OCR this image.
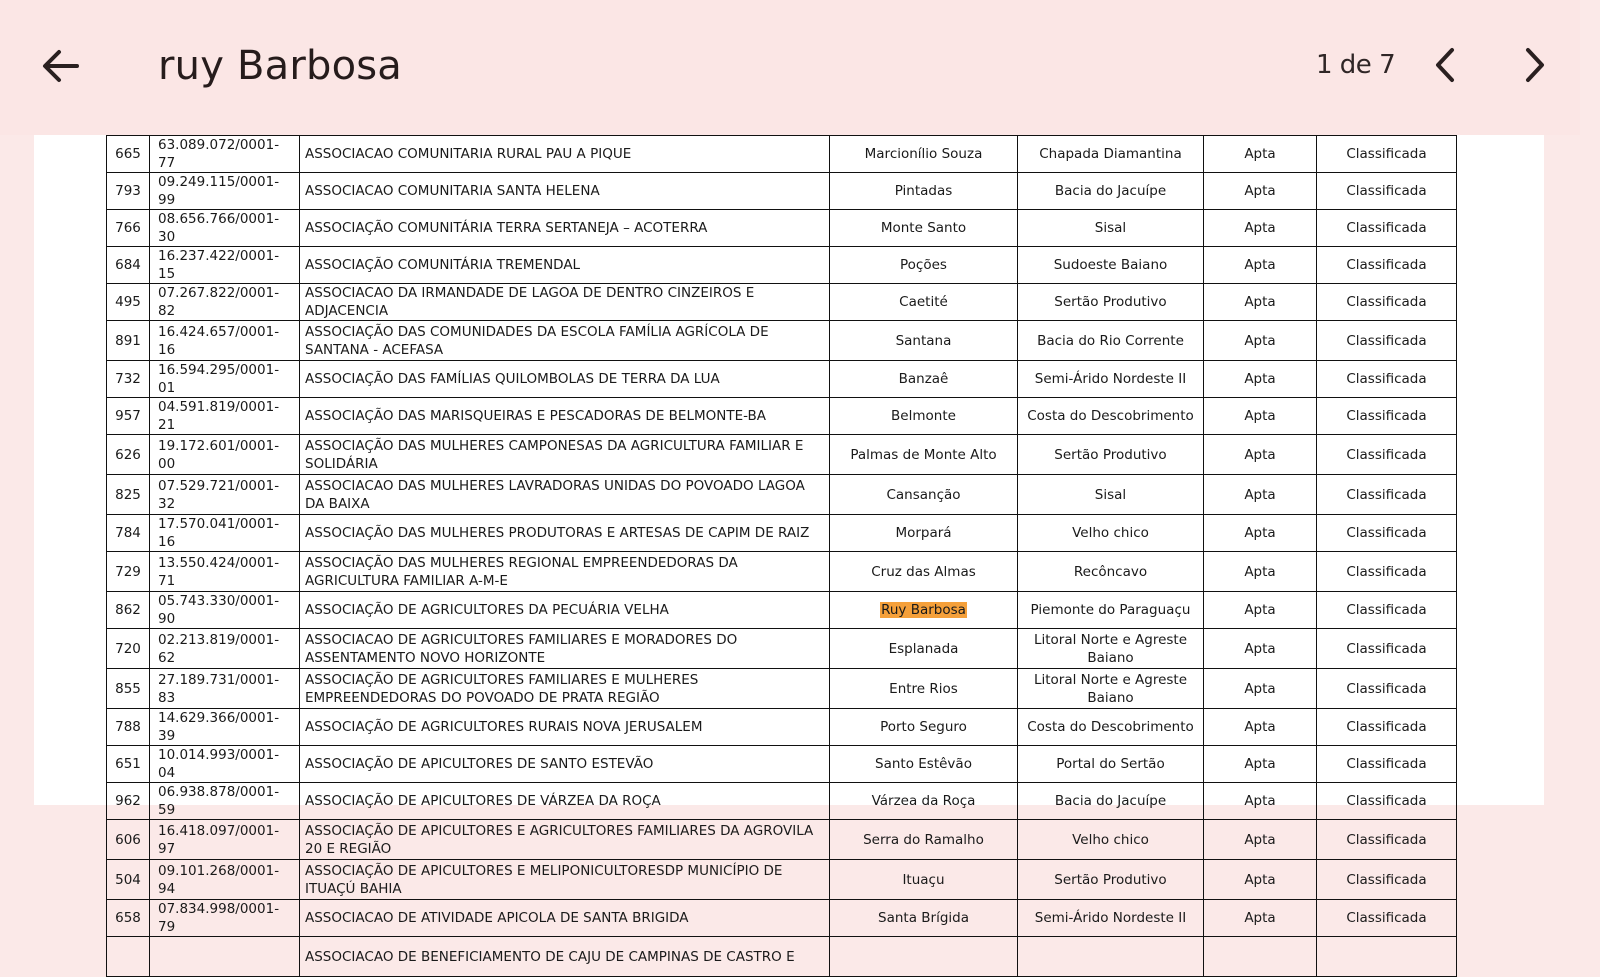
ruy Barbosa	1 de 7
665	63.089.072/0001-77	ASSOCIACAO COMUNITARIA RURAL PAU A PIQUE	Marcionílio Souza	Chapada Diamantina	Apta	Classificada
793	09.249.115/0001-99	ASSOCIACAO COMUNITARIA SANTA HELENA	Pintadas	Bacia do Jacuípe	Apta	Classificada
766	08.656.766/0001-30	ASSOCIAÇÃO COMUNITÁRIA TERRA SERTANEJA – ACOTERRA	Monte Santo	Sisal	Apta	Classificada
684	16.237.422/0001-15	ASSOCIAÇÃO COMUNITÁRIA TREMENDAL	Poções	Sudoeste Baiano	Apta	Classificada
495	07.267.822/0001-82	ASSOCIACAO DA IRMANDADE DE LAGOA DE DENTRO CINZEIROS E ADJACENCIA	Caetité	Sertão Produtivo	Apta	Classificada
891	16.424.657/0001-16	ASSOCIAÇÃO DAS COMUNIDADES DA ESCOLA FAMÍLIA AGRÍCOLA DE SANTANA - ACEFASA	Santana	Bacia do Rio Corrente	Apta	Classificada
732	16.594.295/0001-01	ASSOCIAÇÃO DAS FAMÍLIAS QUILOMBOLAS DE TERRA DA LUA	Banzaê	Semi-Árido Nordeste II	Apta	Classificada
957	04.591.819/0001-21	ASSOCIAÇÃO DAS MARISQUEIRAS E PESCADORAS DE BELMONTE-BA	Belmonte	Costa do Descobrimento	Apta	Classificada
626	19.172.601/0001-00	ASSOCIAÇÃO DAS MULHERES CAMPONESAS DA AGRICULTURA FAMILIAR E SOLIDÁRIA	Palmas de Monte Alto	Sertão Produtivo	Apta	Classificada
825	07.529.721/0001-32	ASSOCIACAO DAS MULHERES LAVRADORAS UNIDAS DO POVOADO LAGOA DA BAIXA	Cansanção	Sisal	Apta	Classificada
784	17.570.041/0001-16	ASSOCIAÇÃO DAS MULHERES PRODUTORAS E ARTESAS DE CAPIM DE RAIZ	Morpará	Velho chico	Apta	Classificada
729	13.550.424/0001-71	ASSOCIAÇÃO DAS MULHERES REGIONAL EMPREENDEDORAS DA AGRICULTURA FAMILIAR A-M-E	Cruz das Almas	Recôncavo	Apta	Classificada
862	05.743.330/0001-90	ASSOCIAÇÃO DE AGRICULTORES DA PECUÁRIA VELHA	Ruy Barbosa	Piemonte do Paraguaçu	Apta	Classificada
720	02.213.819/0001-62	ASSOCIACAO DE AGRICULTORES FAMILIARES E MORADORES DO ASSENTAMENTO NOVO HORIZONTE	Esplanada	Litoral Norte e Agreste Baiano	Apta	Classificada
855	27.189.731/0001-83	ASSOCIAÇÃO DE AGRICULTORES FAMILIARES E MULHERES EMPREENDEDORAS DO POVOADO DE PRATA REGIÃO	Entre Rios	Litoral Norte e Agreste Baiano	Apta	Classificada
788	14.629.366/0001-39	ASSOCIAÇÃO DE AGRICULTORES RURAIS NOVA JERUSALEM	Porto Seguro	Costa do Descobrimento	Apta	Classificada
651	10.014.993/0001-04	ASSOCIAÇÃO DE APICULTORES DE SANTO ESTEVÃO	Santo Estêvão	Portal do Sertão	Apta	Classificada
962	06.938.878/0001-59	ASSOCIAÇÃO DE APICULTORES DE VÁRZEA DA ROÇA	Várzea da Roça	Bacia do Jacuípe	Apta	Classificada
606	16.418.097/0001-97	ASSOCIAÇÃO DE APICULTORES E AGRICULTORES FAMILIARES DA AGROVILA 20 E REGIÃO	Serra do Ramalho	Velho chico	Apta	Classificada
504	09.101.268/0001-94	ASSOCIAÇÃO DE APICULTORES E MELIPONICULTORESDP MUNICÍPIO DE ITUAÇÚ BAHIA	Ituaçu	Sertão Produtivo	Apta	Classificada
658	07.834.998/0001-79	ASSOCIACAO DE ATIVIDADE APICOLA DE SANTA BRIGIDA	Santa Brígida	Semi-Árido Nordeste II	Apta	Classificada
		ASSOCIACAO DE BENEFICIAMENTO DE CAJU DE CAMPINAS DE CASTRO E				
